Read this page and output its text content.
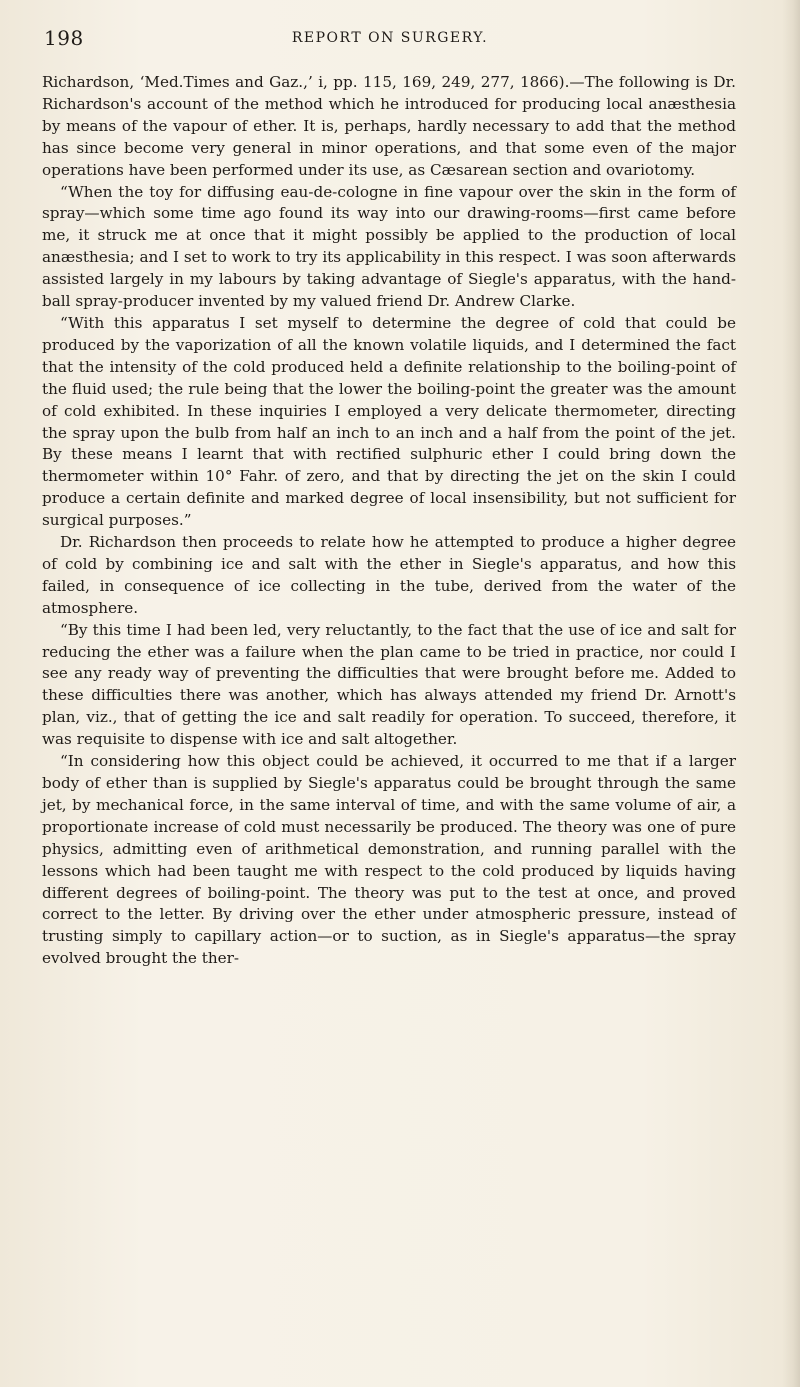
198	REPORT ON SURGERY.

Richardson, ‘Med.Times and Gaz.,’ i, pp. 115, 169, 249, 277, 1866).—The following is Dr. Richardson's account of the method which he introduced for producing local anæsthesia by means of the vapour of ether. It is, perhaps, hardly necessary to add that the method has since become very general in minor operations, and that some even of the major operations have been performed under its use, as Cæsarean section and ovariotomy.

“When the toy for diffusing eau-de-cologne in fine vapour over the skin in the form of spray—which some time ago found its way into our drawing-rooms—first came before me, it struck me at once that it might possibly be applied to the production of local anæsthesia; and I set to work to try its applicability in this respect. I was soon afterwards assisted largely in my labours by taking advantage of Siegle's apparatus, with the hand-ball spray-producer invented by my valued friend Dr. Andrew Clarke.

“With this apparatus I set myself to determine the degree of cold that could be produced by the vaporization of all the known volatile liquids, and I determined the fact that the intensity of the cold produced held a definite relationship to the boiling-point of the fluid used; the rule being that the lower the boiling-point the greater was the amount of cold exhibited. In these inquiries I employed a very delicate thermometer, directing the spray upon the bulb from half an inch to an inch and a half from the point of the jet. By these means I learnt that with rectified sulphuric ether I could bring down the thermometer within 10° Fahr. of zero, and that by directing the jet on the skin I could produce a certain definite and marked degree of local insensibility, but not sufficient for surgical purposes.”

Dr. Richardson then proceeds to relate how he attempted to produce a higher degree of cold by combining ice and salt with the ether in Siegle's apparatus, and how this failed, in consequence of ice collecting in the tube, derived from the water of the atmosphere.

“By this time I had been led, very reluctantly, to the fact that the use of ice and salt for reducing the ether was a failure when the plan came to be tried in practice, nor could I see any ready way of preventing the difficulties that were brought before me. Added to these difficulties there was another, which has always attended my friend Dr. Arnott's plan, viz., that of getting the ice and salt readily for operation. To succeed, therefore, it was requisite to dispense with ice and salt altogether.

“In considering how this object could be achieved, it occurred to me that if a larger body of ether than is supplied by Siegle's apparatus could be brought through the same jet, by mechanical force, in the same interval of time, and with the same volume of air, a proportionate increase of cold must necessarily be produced. The theory was one of pure physics, admitting even of arithmetical demonstration, and running parallel with the lessons which had been taught me with respect to the cold produced by liquids having different degrees of boiling-point. The theory was put to the test at once, and proved correct to the letter. By driving over the ether under atmospheric pressure, instead of trusting simply to capillary action—or to suction, as in Siegle's apparatus—the spray evolved brought the ther-
